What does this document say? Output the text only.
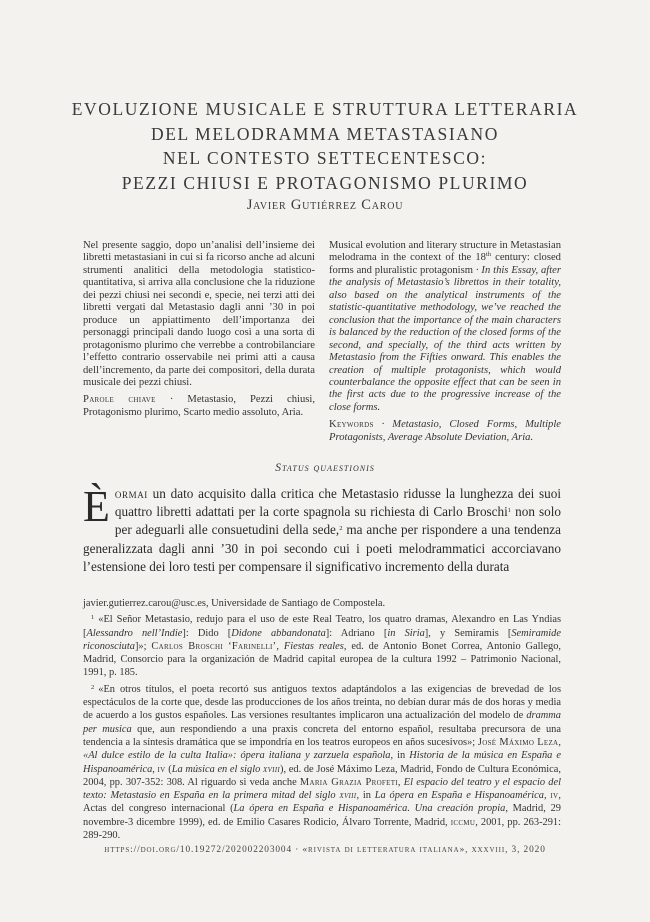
EVOLUZIONE MUSICALE E STRUTTURA LETTERARIA
DEL MELODRAMMA METASTASIANO
NEL CONTESTO SETTECENTESCO:
PEZZI CHIUSI E PROTAGONISMO PLURIMO
Javier Gutiérrez Carou

Nel presente saggio, dopo un’analisi dell’insieme dei libretti metastasiani in cui si fa ricorso anche ad alcuni strumenti analitici della metodologia statistico-quantitativa, si arriva alla conclusione che la riduzione dei pezzi chiusi nei secondi e, specie, nei terzi atti dei libretti vergati dal Metastasio dagli anni ’30 in poi produce un appiattimento dell’importanza dei personaggi principali dando luogo così a una sorta di protagonismo plurimo che verrebbe a controbilanciare l’effetto contrario osservabile nei primi atti a causa dell’incremento, da parte dei compositori, della durata musicale dei pezzi chiusi.

Parole chiave · Metastasio, Pezzi chiusi, Protagonismo plurimo, Scarto medio assoluto, Aria.

Musical evolution and literary structure in Metastasian melodrama in the context of the 18th century: closed forms and pluralistic protagonism · In this Essay, after the analysis of Metastasio’s librettos in their totality, also based on the analytical instruments of the statistic-quantitative methodology, we’ve reached the conclusion that the importance of the main characters is balanced by the reduction of the closed forms of the second, and specially, of the third acts written by Metastasio from the Fifties onward. This enables the creation of multiple protagonists, which would counterbalance the opposite effect that can be seen in the first acts due to the progressive increase of the close forms.

Keywords · Metastasio, Closed Forms, Multiple Protagonists, Average Absolute Deviation, Aria.

Status quaestionis

Èormai un dato acquisito dalla critica che Metastasio ridusse la lunghezza dei suoi quattro libretti adattati per la corte spagnola su richiesta di Carlo Broschi$^1$ non solo per adeguarli alle consuetudini della sede,$^2$ ma anche per rispondere a una tendenza generalizzata dagli anni ’30 in poi secondo cui i poeti melodrammatici accorciavano l’estensione dei loro testi per compensare il significativo incremento della durata

javier.gutierrez.carou@usc.es, Universidade de Santiago de Compostela.

$^1$ «El Señor Metastasio, redujo para el uso de este Real Teatro, los quatro dramas, Alexandro en Las Yndias [Alessandro nell’Indie]: Dido [Didone abbandonata]: Adriano [in Siria], y Semiramis [Semiramide riconosciuta]»; Carlos Broschi ‘Farinelli’, Fiestas reales, ed. de Antonio Bonet Correa, Antonio Gallego, Madrid, Consorcio para la organización de Madrid capital europea de la cultura 1992 – Patrimonio Nacional, 1991, p. 185.

$^2$ «En otros títulos, el poeta recortó sus antiguos textos adaptándolos a las exigencias de brevedad de los espectáculos de la corte que, desde las producciones de los años treinta, no debían durar más de dos horas y media de acuerdo a los gustos españoles. Las versiones resultantes implicaron una actualización del modelo de dramma per musica que, aun respondiendo a una praxis concreta del entorno español, resultaba precursora de una tendencia a la síntesis dramática que se impondría en los teatros europeos en años sucesivos»; José Máximo Leza, «Al dulce estilo de la culta Italia»: ópera italiana y zarzuela española, in Historia de la música en España e Hispanoamérica, iv (La música en el siglo xviii), ed. de José Máximo Leza, Madrid, Fondo de Cultura Económica, 2004, pp. 307-352: 308. Al riguardo si veda anche Maria Grazia Profeti, El espacio del teatro y el espacio del texto: Metastasio en España en la primera mitad del siglo xviii, in La ópera en España e Hispanoamérica, iv, Actas del congreso internacional (La ópera en España e Hispanoamérica. Una creación propia, Madrid, 29 novembre-3 dicembre 1999), ed. de Emilio Casares Rodicio, Álvaro Torrente, Madrid, iccmu, 2001, pp. 263-291: 289-290.

https://doi.org/10.19272/202002203004 · «rivista di letteratura italiana», xxxviii, 3, 2020
